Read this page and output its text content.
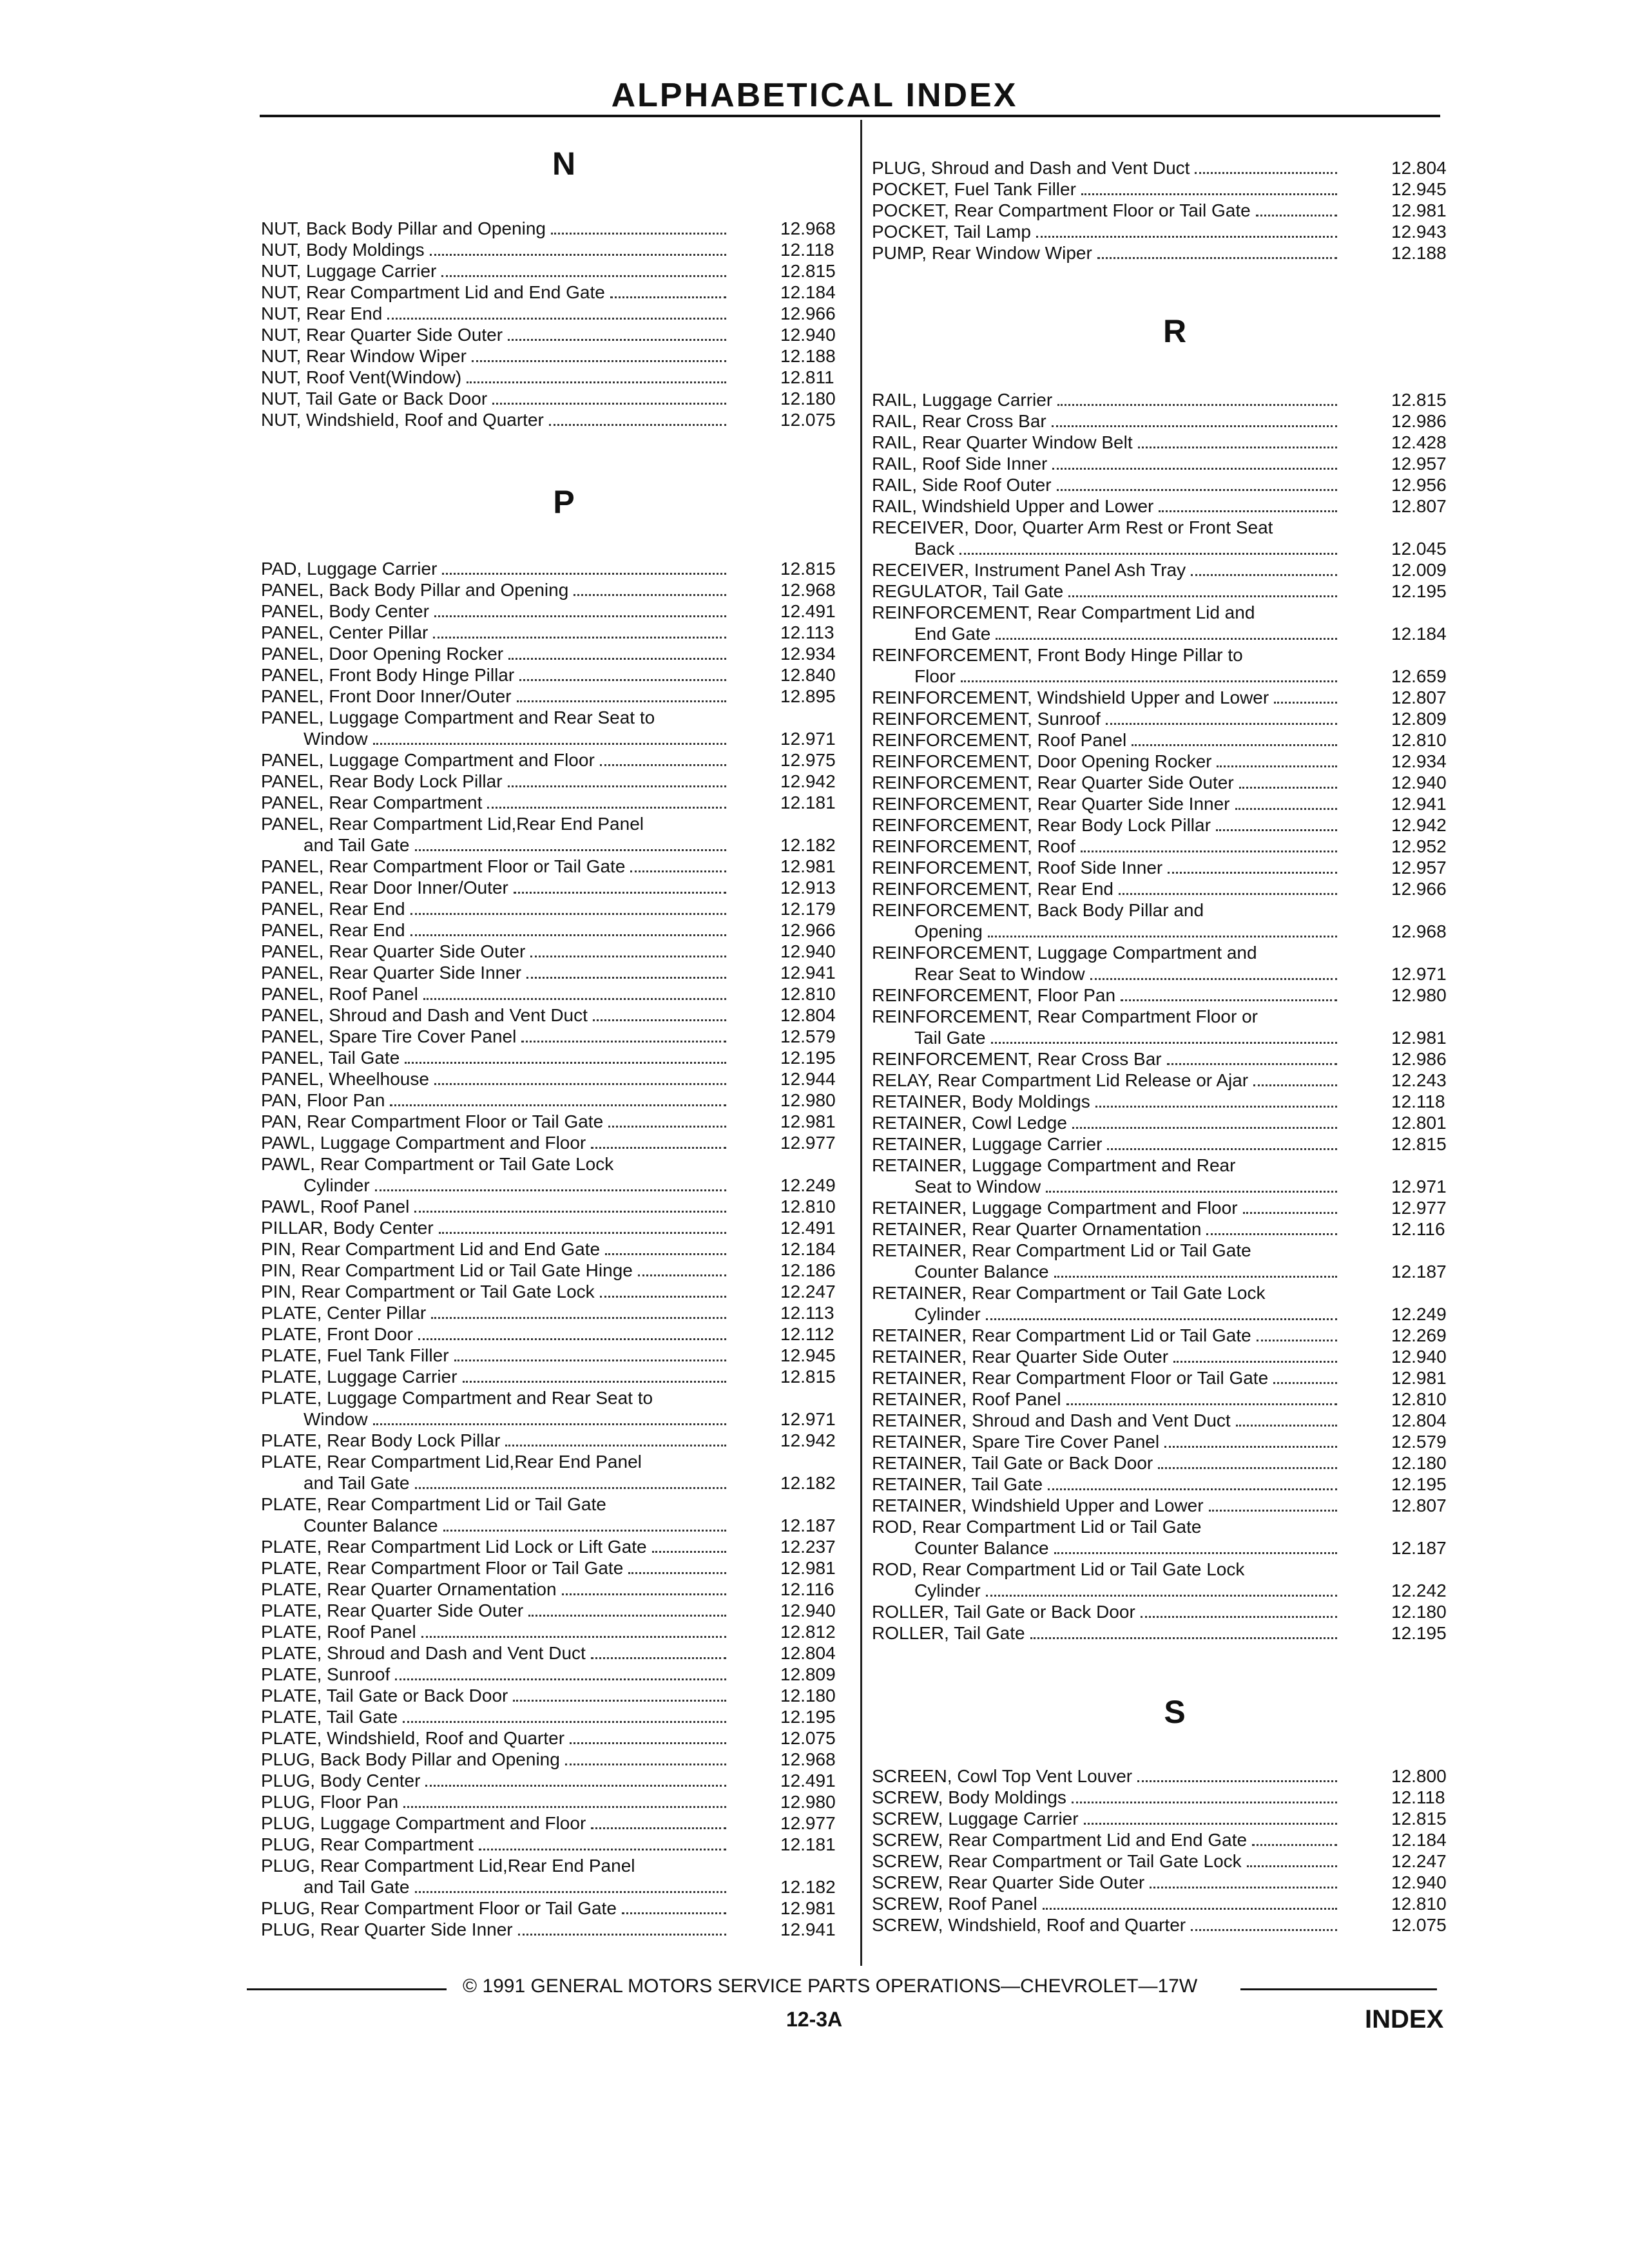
ALPHABETICAL INDEX
N
NUT, Back Body Pillar and Opening	12.968
NUT, Body Moldings	12.118
NUT, Luggage Carrier	12.815
NUT, Rear Compartment Lid and End Gate	12.184
NUT, Rear End	12.966
NUT, Rear Quarter Side Outer	12.940
NUT, Rear Window Wiper	12.188
NUT, Roof Vent(Window)	12.811
NUT, Tail Gate or Back Door	12.180
NUT, Windshield, Roof and Quarter	12.075
P
PAD, Luggage Carrier	12.815
PANEL, Back Body Pillar and Opening	12.968
PANEL, Body Center	12.491
PANEL, Center Pillar	12.113
PANEL, Door Opening Rocker	12.934
PANEL, Front Body Hinge Pillar	12.840
PANEL, Front Door Inner/Outer	12.895
PANEL, Luggage Compartment and Rear Seat to
Window	12.971
PANEL, Luggage Compartment and Floor	12.975
PANEL, Rear Body Lock Pillar	12.942
PANEL, Rear Compartment	12.181
PANEL, Rear Compartment Lid,Rear End Panel
and Tail Gate	12.182
PANEL, Rear Compartment Floor or Tail Gate	12.981
PANEL, Rear Door Inner/Outer	12.913
PANEL, Rear End	12.179
PANEL, Rear End	12.966
PANEL, Rear Quarter Side Outer	12.940
PANEL, Rear Quarter Side Inner	12.941
PANEL, Roof Panel	12.810
PANEL, Shroud and Dash and Vent Duct	12.804
PANEL, Spare Tire Cover Panel	12.579
PANEL, Tail Gate	12.195
PANEL, Wheelhouse	12.944
PAN, Floor Pan	12.980
PAN, Rear Compartment Floor or Tail Gate	12.981
PAWL, Luggage Compartment and Floor	12.977
PAWL, Rear Compartment or Tail Gate Lock
Cylinder	12.249
PAWL, Roof Panel	12.810
PILLAR, Body Center	12.491
PIN, Rear Compartment Lid and End Gate	12.184
PIN, Rear Compartment Lid or Tail Gate Hinge	12.186
PIN, Rear Compartment or Tail Gate Lock	12.247
PLATE, Center Pillar	12.113
PLATE, Front Door	12.112
PLATE, Fuel Tank Filler	12.945
PLATE, Luggage Carrier	12.815
PLATE, Luggage Compartment and Rear Seat to
Window	12.971
PLATE, Rear Body Lock Pillar	12.942
PLATE, Rear Compartment Lid,Rear End Panel
and Tail Gate	12.182
PLATE, Rear Compartment Lid or Tail Gate
Counter Balance	12.187
PLATE, Rear Compartment Lid Lock or Lift Gate	12.237
PLATE, Rear Compartment Floor or Tail Gate	12.981
PLATE, Rear Quarter Ornamentation	12.116
PLATE, Rear Quarter Side Outer	12.940
PLATE, Roof Panel	12.812
PLATE, Shroud and Dash and Vent Duct	12.804
PLATE, Sunroof	12.809
PLATE, Tail Gate or Back Door	12.180
PLATE, Tail Gate	12.195
PLATE, Windshield, Roof and Quarter	12.075
PLUG, Back Body Pillar and Opening	12.968
PLUG, Body Center	12.491
PLUG, Floor Pan	12.980
PLUG, Luggage Compartment and Floor	12.977
PLUG, Rear Compartment	12.181
PLUG, Rear Compartment Lid,Rear End Panel
and Tail Gate	12.182
PLUG, Rear Compartment Floor or Tail Gate	12.981
PLUG, Rear Quarter Side Inner	12.941
PLUG, Shroud and Dash and Vent Duct	12.804
POCKET, Fuel Tank Filler	12.945
POCKET, Rear Compartment Floor or Tail Gate	12.981
POCKET, Tail Lamp	12.943
PUMP, Rear Window Wiper	12.188
R
RAIL, Luggage Carrier	12.815
RAIL, Rear Cross Bar	12.986
RAIL, Rear Quarter Window Belt	12.428
RAIL, Roof Side Inner	12.957
RAIL, Side Roof Outer	12.956
RAIL, Windshield Upper and Lower	12.807
RECEIVER, Door, Quarter Arm Rest or Front Seat
Back	12.045
RECEIVER, Instrument Panel Ash Tray	12.009
REGULATOR, Tail Gate	12.195
REINFORCEMENT, Rear Compartment Lid and
End Gate	12.184
REINFORCEMENT, Front Body Hinge Pillar to
Floor	12.659
REINFORCEMENT, Windshield Upper and Lower	12.807
REINFORCEMENT, Sunroof	12.809
REINFORCEMENT, Roof Panel	12.810
REINFORCEMENT, Door Opening Rocker	12.934
REINFORCEMENT, Rear Quarter Side Outer	12.940
REINFORCEMENT, Rear Quarter Side Inner	12.941
REINFORCEMENT, Rear Body Lock Pillar	12.942
REINFORCEMENT, Roof	12.952
REINFORCEMENT, Roof Side Inner	12.957
REINFORCEMENT, Rear End	12.966
REINFORCEMENT, Back Body Pillar and
Opening	12.968
REINFORCEMENT, Luggage Compartment and
Rear Seat to Window	12.971
REINFORCEMENT, Floor Pan	12.980
REINFORCEMENT, Rear Compartment Floor or
Tail Gate	12.981
REINFORCEMENT, Rear Cross Bar	12.986
RELAY, Rear Compartment Lid Release or Ajar	12.243
RETAINER, Body Moldings	12.118
RETAINER, Cowl Ledge	12.801
RETAINER, Luggage Carrier	12.815
RETAINER, Luggage Compartment and Rear
Seat to Window	12.971
RETAINER, Luggage Compartment and Floor	12.977
RETAINER, Rear Quarter Ornamentation	12.116
RETAINER, Rear Compartment Lid or Tail Gate
Counter Balance	12.187
RETAINER, Rear Compartment or Tail Gate Lock
Cylinder	12.249
RETAINER, Rear Compartment Lid or Tail Gate	12.269
RETAINER, Rear Quarter Side Outer	12.940
RETAINER, Rear Compartment Floor or Tail Gate	12.981
RETAINER, Roof Panel	12.810
RETAINER, Shroud and Dash and Vent Duct	12.804
RETAINER, Spare Tire Cover Panel	12.579
RETAINER, Tail Gate or Back Door	12.180
RETAINER, Tail Gate	12.195
RETAINER, Windshield Upper and Lower	12.807
ROD, Rear Compartment Lid or Tail Gate
Counter Balance	12.187
ROD, Rear Compartment Lid or Tail Gate Lock
Cylinder	12.242
ROLLER, Tail Gate or Back Door	12.180
ROLLER, Tail Gate	12.195
S
SCREEN, Cowl Top Vent Louver	12.800
SCREW, Body Moldings	12.118
SCREW, Luggage Carrier	12.815
SCREW, Rear Compartment Lid and End Gate	12.184
SCREW, Rear Compartment or Tail Gate Lock	12.247
SCREW, Rear Quarter Side Outer	12.940
SCREW, Roof Panel	12.810
SCREW, Windshield, Roof and Quarter	12.075
© 1991 GENERAL MOTORS SERVICE PARTS OPERATIONS—CHEVROLET—17W
12-3A	INDEX
